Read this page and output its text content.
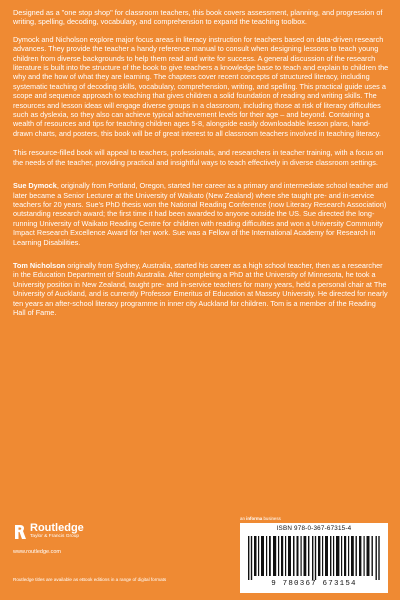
Designed as a "one stop shop" for classroom teachers, this book covers assessment, planning, and progression of writing, spelling, decoding, vocabulary, and comprehension to expand the teaching toolbox.

Dymock and Nicholson explore major focus areas in literacy instruction for teachers based on data-driven research advances. They provide the teacher a handy reference manual to consult when designing lessons to teach young children from diverse backgrounds to help them read and write for success. A general discussion of the research literature is built into the structure of the book to give teachers a knowledge base to teach and explain to children the why and the how of what they are learning. The chapters cover recent concepts of structured literacy, including systematic teaching of decoding skills, vocabulary, comprehension, writing, and spelling. This practical guide uses a scope and sequence approach to teaching that gives children a solid foundation of reading and writing skills. The resources and lesson ideas will engage diverse groups in a classroom, including those at risk of literacy difficulties such as dyslexia, so they also can achieve typical achievement levels for their age – and beyond. Containing a wealth of resources and tips for teaching children ages 5-8, alongside easily downloadable lesson plans, hand-drawn charts, and posters, this book will be of great interest to all classroom teachers involved in teaching literacy.

This resource-filled book will appeal to teachers, professionals, and researchers in teacher training, with a focus on the needs of the teacher, providing practical and insightful ways to teach effectively in diverse classroom settings.

Sue Dymock, originally from Portland, Oregon, started her career as a primary and intermediate school teacher and later became a Senior Lecturer at the University of Waikato (New Zealand) where she taught pre- and in-service teachers for 20 years. Sue's PhD thesis won the National Reading Conference (now Literacy Research Association) outstanding research award; the first time it had been awarded to anyone outside the US. Sue directed the long-running University of Waikato Reading Centre for children with reading difficulties and won a University Community Impact Research Excellence Award for her work. Sue was a Fellow of the International Academy for Research in Learning Disabilities.

Tom Nicholson originally from Sydney, Australia, started his career as a high school teacher, then as a researcher in the Education Department of South Australia. After completing a PhD at the University of Minnesota, he took a University position in New Zealand, taught pre- and in-service teachers for many years, held a personal chair at The University of Auckland, and is currently Professor Emeritus of Education at Massey University. He directed for nearly ten years an after-school literacy programme in inner city Auckland for children. Tom is a member of the Reading Hall of Fame.

Routledge
Taylor & Francis Group
www.routledge.com
Routledge titles are available as eBook editions in a range of digital formats
an informa business
ISBN 978-0-367-67315-4
9 780367 673154
